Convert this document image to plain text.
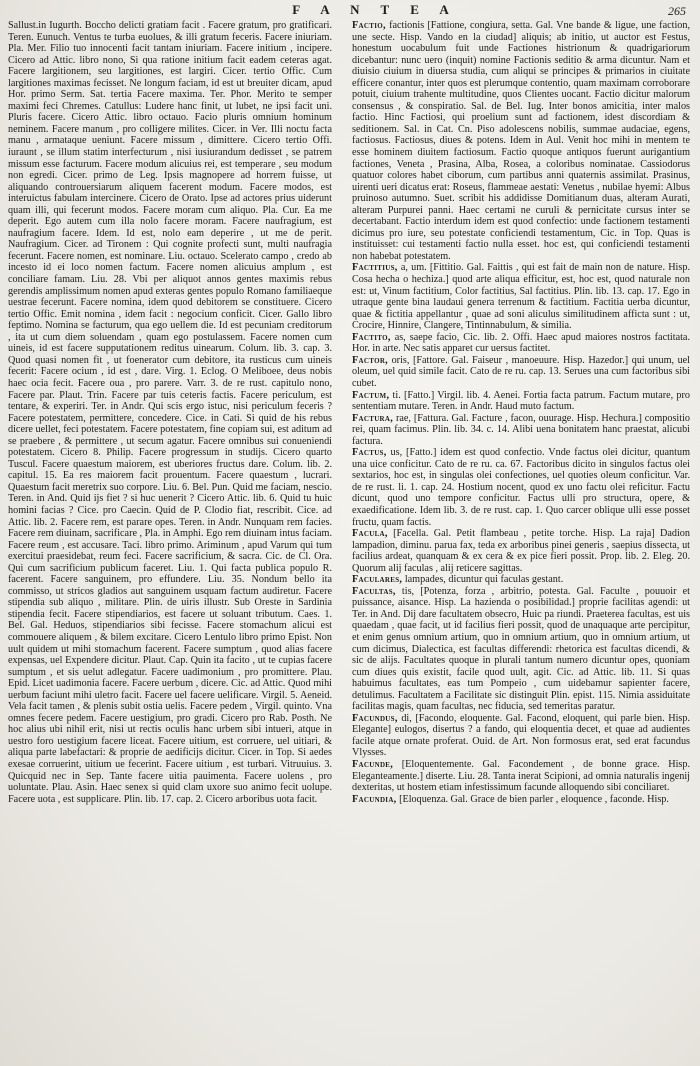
F A N T E A	265

Sallust.in Iugurth. Boccho delicti gratiam facit . Facere gratum, pro gratificari. Teren. Eunuch. Ventus te turba euolues, & illi gratum feceris. Facere iniuriam. Pla. Mer. Filio tuo innocenti facit tantam iniuriam. Facere initium , incipere. Cicero ad Attic. libro nono, Si qua ratione initium facit eadem ceteras agat. Facere largitionem, seu largitiones, est largiri. Cicer. tertio Offic. Cum largitiones maximas fecisset. Ne longum faciam, id est ut breuiter dicam, apud Hor. primo Serm. Sat. tertia Facere maxima. Ter. Phor. Merito te semper maximi feci Chremes. Catullus: Ludere hanc finit, ut lubet, ne ipsi facit uni. Pluris facere. Cicero Attic. libro octauo. Facio pluris omnium hominum neminem. Facere manum , pro colligere milites. Cicer. in Ver. Illi noctu facta manu , armataque ueniunt. Facere missum , dimittere. Cicero tertio Offi. iuraunt , se illum statim interfecturum , nisi iusiurandum dedisset , se patrem missum esse facturum. Facere modum alicuius rei, est temperare , seu modum non egredi. Cicer. primo de Leg. Ipsis magnopere ad horrem fuisse, ut aliquando controuersiarum aliquem facerent modum. Facere modos, est interuictus fabulam intercinere. Cicero de Orato. Ipse ad actores prius uiderunt quam illi, qui fecerunt modos. Facere moram cum aliquo. Pla. Cur. Ea me deperit. Ego autem cum illa nolo facere moram. Facere naufragium, est naufragium facere. Idem. Id est, nolo eam deperire , ut me de perit. Naufragium. Cicer. ad Tironem : Qui cognite profecti sunt, multi naufragia fecerunt. Facere nomen, est nominare. Liu. octauo. Scelerato campo , credo ab incesto id ei loco nomen factum. Facere nomen alicuius amplum , est conciliare famam. Liu. 28. Vbi per aliquot annos gentes maximis rebus gerendis amplissimum nomen apud exteras gentes populo Romano familiaeque uestrae fecerunt. Facere nomina, idem quod debitorem se constituere. Cicero tertio Offic. Emit nomina , idem facit : negocium conficit. Cicer. Gallo libro feptimo. Nomina se facturum, qua ego uellem die. Id est pecuniam creditorum , ita ut cum diem soluendam , quam ego postulassem. Facere nomen cum uineis, id est facere supputationem reditus uinearum. Colum. lib. 3. cap. 3. Quod quasi nomen fit , ut foenerator cum debitore, ita rusticus cum uineis fecerit: Facere ocium , id est , dare. Virg. 1. Eclog. O Meliboee, deus nobis haec ocia fecit. Facere oua , pro parere. Varr. 3. de re rust. capitulo nono, Facere par. Plaut. Trin. Facere par tuis ceteris factis. Facere periculum, est tentare, & experiri. Ter. in Andr. Qui scis ergo istuc, nisi periculum feceris ? Facere potestatem, permittere, concedere. Cice. in Cati. Si quid de his rebus dicere uellet, feci potestatem. Facere potestatem, fine copiam sui, est aditum ad se praebere , & permittere , ut secum agatur. Facere omnibus sui conueniendi potestatem. Cicero 8. Philip. Facere progressum in studijs. Cicero quarto Tuscul. Facere quaestum maiorem, est uberiores fructus dare. Colum. lib. 2. capitul. 15. Ea res maiorem facit prouentum. Facere quaestum , lucrari. Quaestum facit meretrix suo corpore. Liu. 6. Bel. Pun. Quid me faciam, nescio. Teren. in And. Quid ijs fiet ? si huc uenerit ? Cicero Attic. lib. 6. Quid tu huic homini facias ? Cice. pro Caecin. Quid de P. Clodio fiat, rescribit. Cice. ad Attic. lib. 2. Facere rem, est parare opes. Teren. in Andr. Nunquam rem facies. Facere rem diuinam, sacrificare , Pla. in Amphi. Ego rem diuinam intus faciam. Facere reum , est accusare. Taci. libro primo. Ariminum , apud Varum qui tum exercitui praesidebat, reum feci. Facere sacrificium, & sacra. Cic. de Cl. Ora. Qui cum sacrificium publicum faceret. Liu. 1. Qui facta publica populo R. facerent. Facere sanguinem, pro effundere. Liu. 35. Nondum bello ita commisso, ut stricos gladios aut sanguinem usquam factum audiretur. Facere stipendia sub aliquo , militare. Plin. de uiris illustr. Sub Oreste in Sardinia stipendia fecit. Facere stipendiarios, est facere ut soluant tributum. Caes. 1. Bel. Gal. Heduos, stipendiarios sibi fecisse. Facere stomachum alicui est commouere aliquem , & bilem excitare. Cicero Lentulo libro primo Epist. Non uult quidem ut mihi stomachum facerent. Facere sumptum , quod alias facere expensas, uel Expendere dicitur. Plaut. Cap. Quin ita facito , ut te cupias facere sumptum , et sis uelut adlegatur. Facere uadimonium , pro promittere. Plau. Epid. Licet uadimonia facere. Facere uerbum , dicere. Cic. ad Attic. Quod mihi uerbum faciunt mihi uletro facit. Facere uel facere uelificare. Virgil. 5. Aeneid. Vela facit tamen , & plenis subit ostia uelis. Facere pedem , Virgil. quinto. Vna omnes fecere pedem. Facere uestigium, pro gradi. Cicero pro Rab. Posth. Ne hoc alius ubi nihil erit, nisi ut rectis oculis hanc urbem sibi intueri, atque in uestro foro uestigium facere liceat. Facere uitium, est corruere, uel uitiari, & aliqua parte labefactari: & proprie de aedificijs dicitur. Cicer. in Top. Si aedes exesae corruerint, uitium ue fecerint. Facere uitium , est turbari. Vitruuius. 3. Quicquid nec in Sep. Tante facere uitia pauimenta. Facere uolens , pro uoluntate. Plau. Asin. Haec senex si quid clam uxore suo animo fecit uolupe. Facere uota , est supplicare. Plin. lib. 17. cap. 2. Cicero arboribus uota facit.

Factio, factionis [Fattione, congiura, setta. Gal. Vne bande & ligue, une faction, une secte. Hisp. Vando en la ciudad] aliquis; ab initio, ut auctor est Festus, honestum uocabulum fuit unde Factiones histrionum & quadrigariorum dicebantur: nunc uero (inquit) nomine Factionis seditio & arma dicuntur. Nam et diuisio ciuium in diuersa studia, cum aliqui se principes & primarios in ciuitate efficere conantur, inter quos est plerumque contentio, quam maximam corroborare potuit, ciuium trahente multitudine, quos Clientes uocant. Factio dicitur malorum consensus , & conspiratio. Sal. de Bel. Iug. Inter bonos amicitia, inter malos factio. Hinc Factiosi, qui proelium sunt ad factionem, idest discordiam & seditionem. Sal. in Cat. Cn. Piso adolescens nobilis, summae audaciae, egens, factiosus. Factiosus, diues & potens. Idem in Aul. Venit hoc mihi in mentem te esse hominem diuitem factiosum. Factio quoque antiquos fuerunt aurigantium factiones, Veneta , Prasina, Alba, Rosea, a coloribus nominatae. Cassiodorus quatuor colores habet ciborum, cum partibus anni quaternis assimilat. Prasinus, uirenti ueri dicatus erat: Roseus, flammeae aestati: Venetus , nubilae hyemi: Albus pruinoso autumno. Suet. scribit his addidisse Domitianum duas, alteram Aurati, alteram Purpurei panni. Haec certami ne curuli & pernicitate cursus inter se decertabant. Factio interdum idem est quod confectio: unde factionem testamenti dicimus pro iure, seu potestate conficiendi testamentum, Cic. in Top. Quas is instituisset: cui testamenti factio nulla esset. hoc est, qui conficiendi testamenti non habebat potestatem.

Factitius, a, um. [Fittitio. Gal. Faittis , qui est fait de main non de nature. Hisp. Cosa hecha o hechiza.] quod arte aliqua efficitur, est, hoc est, quod naturale non est: ut, Vinum factitium, Color factitius, Sal factitius. Plin. lib. 13. cap. 17. Ego in utraque gente bina laudaui genera terrenum & factitium. Factitia uerba dicuntur, quae & fictitia appellantur , quae ad soni aliculus similitudinem afficta sunt : ut, Crocire, Hinnire, Clangere, Tintinnabulum, & similia.

Factito, as, saepe facio, Cic. lib. 2. Offi. Haec apud maiores nostros factitata. Hor. in arte. Nec satis apparet cur uersus factitet.

Factor, oris, [Fattore. Gal. Faiseur , manoeuure. Hisp. Hazedor.] qui unum, uel oleum, uel quid simile facit. Cato de re ru. cap. 13. Serues una cum factoribus sibi cubet.

Factum, ti. [Fatto.] Virgil. lib. 4. Aenei. Fortia facta patrum. Factum mutare, pro sententiam mutare. Teren. in Andr. Haud muto factum.

Factura, rae, [Fattura. Gal. Facture , facon, ouurage. Hisp. Hechura.] compositio rei, quam facimus. Plin. lib. 34. c. 14. Alibi uena bonitatem hanc praestat, alicubi factura.

Factus, us, [Fatto.] idem est quod confectio. Vnde factus olei dicitur, quantum una uice conficitur. Cato de re ru. ca. 67. Factoribus dicito in singulos factus olei sextarios, hoc est, in singulas olei confectiones, uel quoties oleum conficitur. Var. de re rust. li. 1. cap. 24. Hostium nocent, quod ex uno factu olei reficitur. Factu dicunt, quod uno tempore conficitur. Factus ulli pro structura, opere, & exaedificatione. Idem lib. 3. de re rust. cap. 1. Quo carcer oblique ulli esse posset fructu, quam factis.

Facula, [Facella. Gal. Petit flambeau , petite torche. Hisp. La raja] Dadion lampadion, diminu. parua fax, teda ex arboribus pinei generis , saepius dissecta, ut facilius ardeat, quanquam & ex cera & ex pice fieri possit. Prop. lib. 2. Eleg. 20. Quorum alij faculas , alij reticere sagittas.

Faculares, lampades, dicuntur qui faculas gestant.

Facultas, tis, [Potenza, forza , arbitrio, potesta. Gal. Faculte , pouuoir et puissance, aisance. Hisp. La hazienda o posibilidad.] proprie facilitas agendi: ut Ter. in And. Dij dare facultatem obsecro, Huic pa riundi. Praeterea facultas, est uis quaedam , quae facit, ut id facilius fieri possit, quod de unaquaque arte percipitur, et enim genus omnium artium, quo in omnium artium, quo in omnium artium, ut cum dicimus, Dialectica, est facultas differendi: rhetorica est facultas dicendi, & sic de alijs. Facultates quoque in plurali tantum numero dicuntur opes, quoniam cum diues quis existit, facile quod uult, agit. Cic. ad Attic. lib. 11. Si quas habuimus facultates, eas tum Pompeio , cum uidebamur sapienter facere, detulimus. Facultatem a Facilitate sic distinguit Plin. epist. 115. Nimia assiduitate facilitas magis, quam facultas, nec fiducia, sed temeritas paratur.

Facundus, di, [Facondo, eloquente. Gal. Facond, eloquent, qui parle bien. Hisp. Elegante] eulogos, disertus ? a fando, qui eloquentia decet, et quae ad audientes facile atque ornate proferat. Ouid. de Art. Non formosus erat, sed erat facundus Vlysses.

Facunde, [Eloquentemente. Gal. Facondement , de bonne grace. Hisp. Eleganteamente.] diserte. Liu. 28. Tanta inerat Scipioni, ad omnia naturalis ingenij dexteritas, ut hostem etiam infestissimum facunde alloquendo sibi conciliaret.

Facundia, [Eloquenza. Gal. Grace de bien parler , eloquence , faconde. Hisp.
